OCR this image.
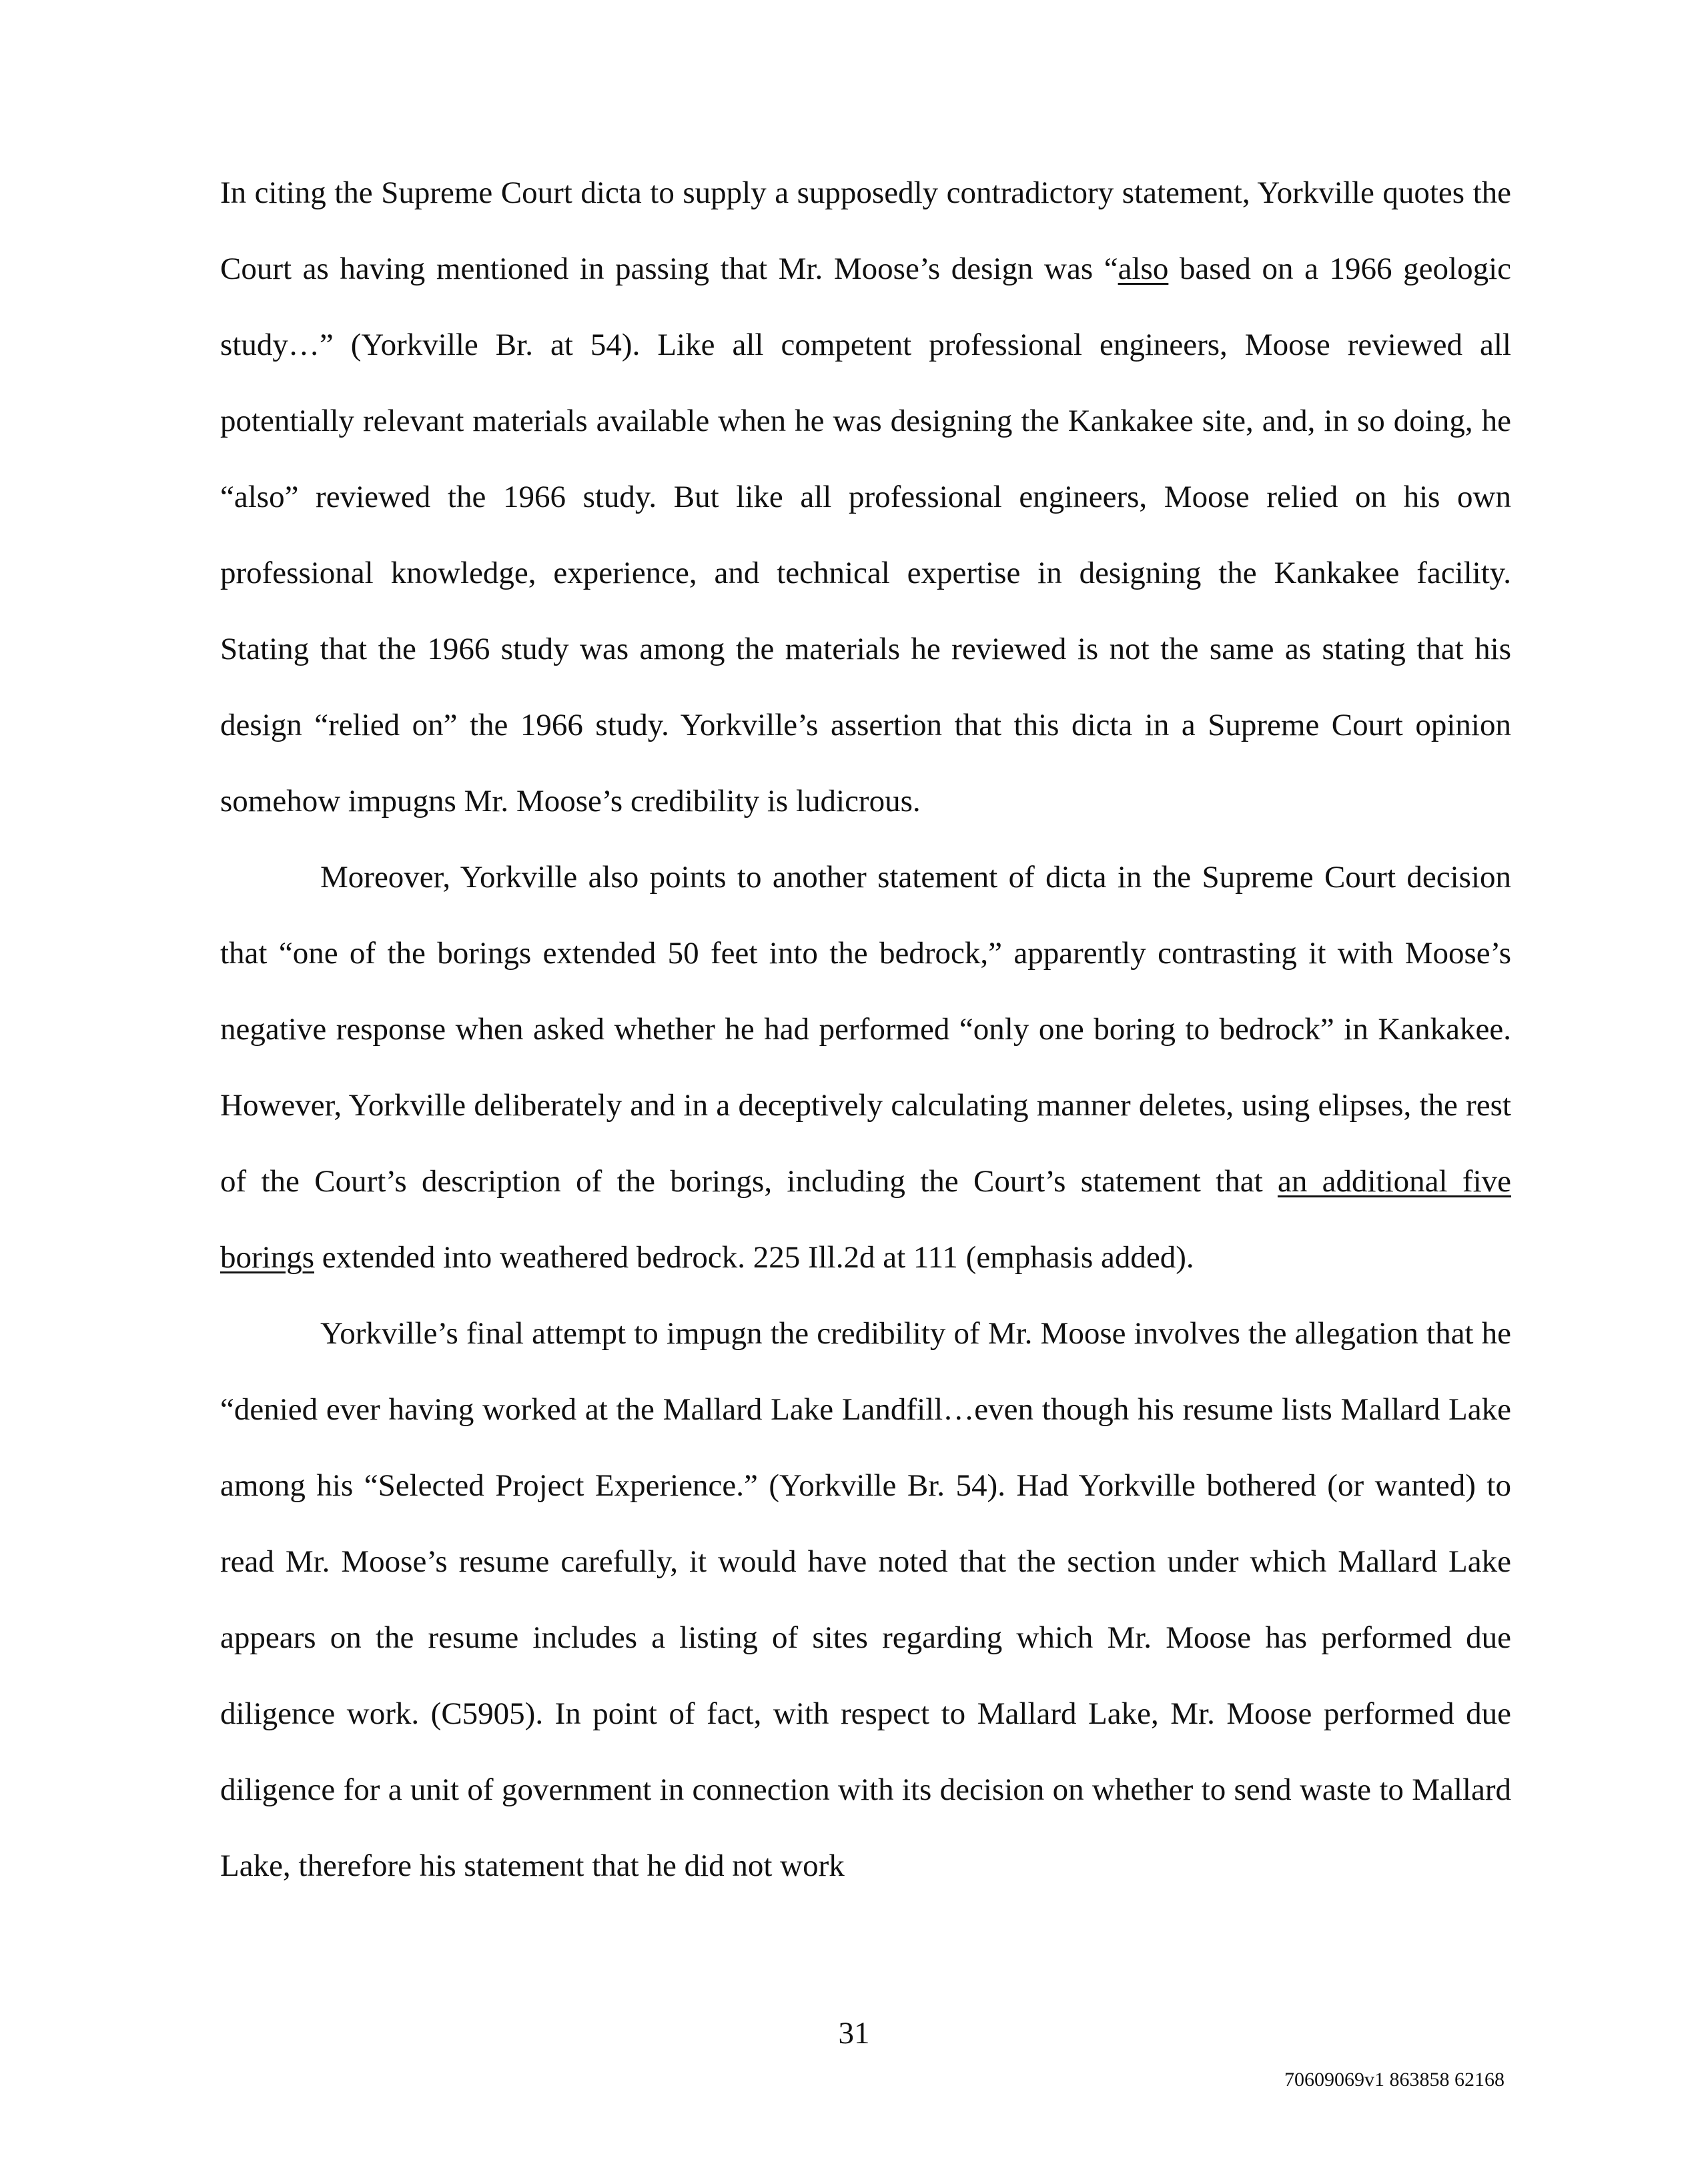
In citing the Supreme Court dicta to supply a supposedly contradictory statement, Yorkville quotes the Court as having mentioned in passing that Mr. Moose’s design was “also based on a 1966 geologic study…” (Yorkville Br. at 54). Like all competent professional engineers, Moose reviewed all potentially relevant materials available when he was designing the Kankakee site, and, in so doing, he “also” reviewed the 1966 study. But like all professional engineers, Moose relied on his own professional knowledge, experience, and technical expertise in designing the Kankakee facility. Stating that the 1966 study was among the materials he reviewed is not the same as stating that his design “relied on” the 1966 study. Yorkville’s assertion that this dicta in a Supreme Court opinion somehow impugns Mr. Moose’s credibility is ludicrous.

Moreover, Yorkville also points to another statement of dicta in the Supreme Court decision that “one of the borings extended 50 feet into the bedrock,” apparently contrasting it with Moose’s negative response when asked whether he had performed “only one boring to bedrock” in Kankakee. However, Yorkville deliberately and in a deceptively calculating manner deletes, using elipses, the rest of the Court’s description of the borings, including the Court’s statement that an additional five borings extended into weathered bedrock. 225 Ill.2d at 111 (emphasis added).

Yorkville’s final attempt to impugn the credibility of Mr. Moose involves the allegation that he “denied ever having worked at the Mallard Lake Landfill…even though his resume lists Mallard Lake among his “Selected Project Experience.” (Yorkville Br. 54). Had Yorkville bothered (or wanted) to read Mr. Moose’s resume carefully, it would have noted that the section under which Mallard Lake appears on the resume includes a listing of sites regarding which Mr. Moose has performed due diligence work. (C5905). In point of fact, with respect to Mallard Lake, Mr. Moose performed due diligence for a unit of government in connection with its decision on whether to send waste to Mallard Lake, therefore his statement that he did not work

31
70609069v1 863858 62168
